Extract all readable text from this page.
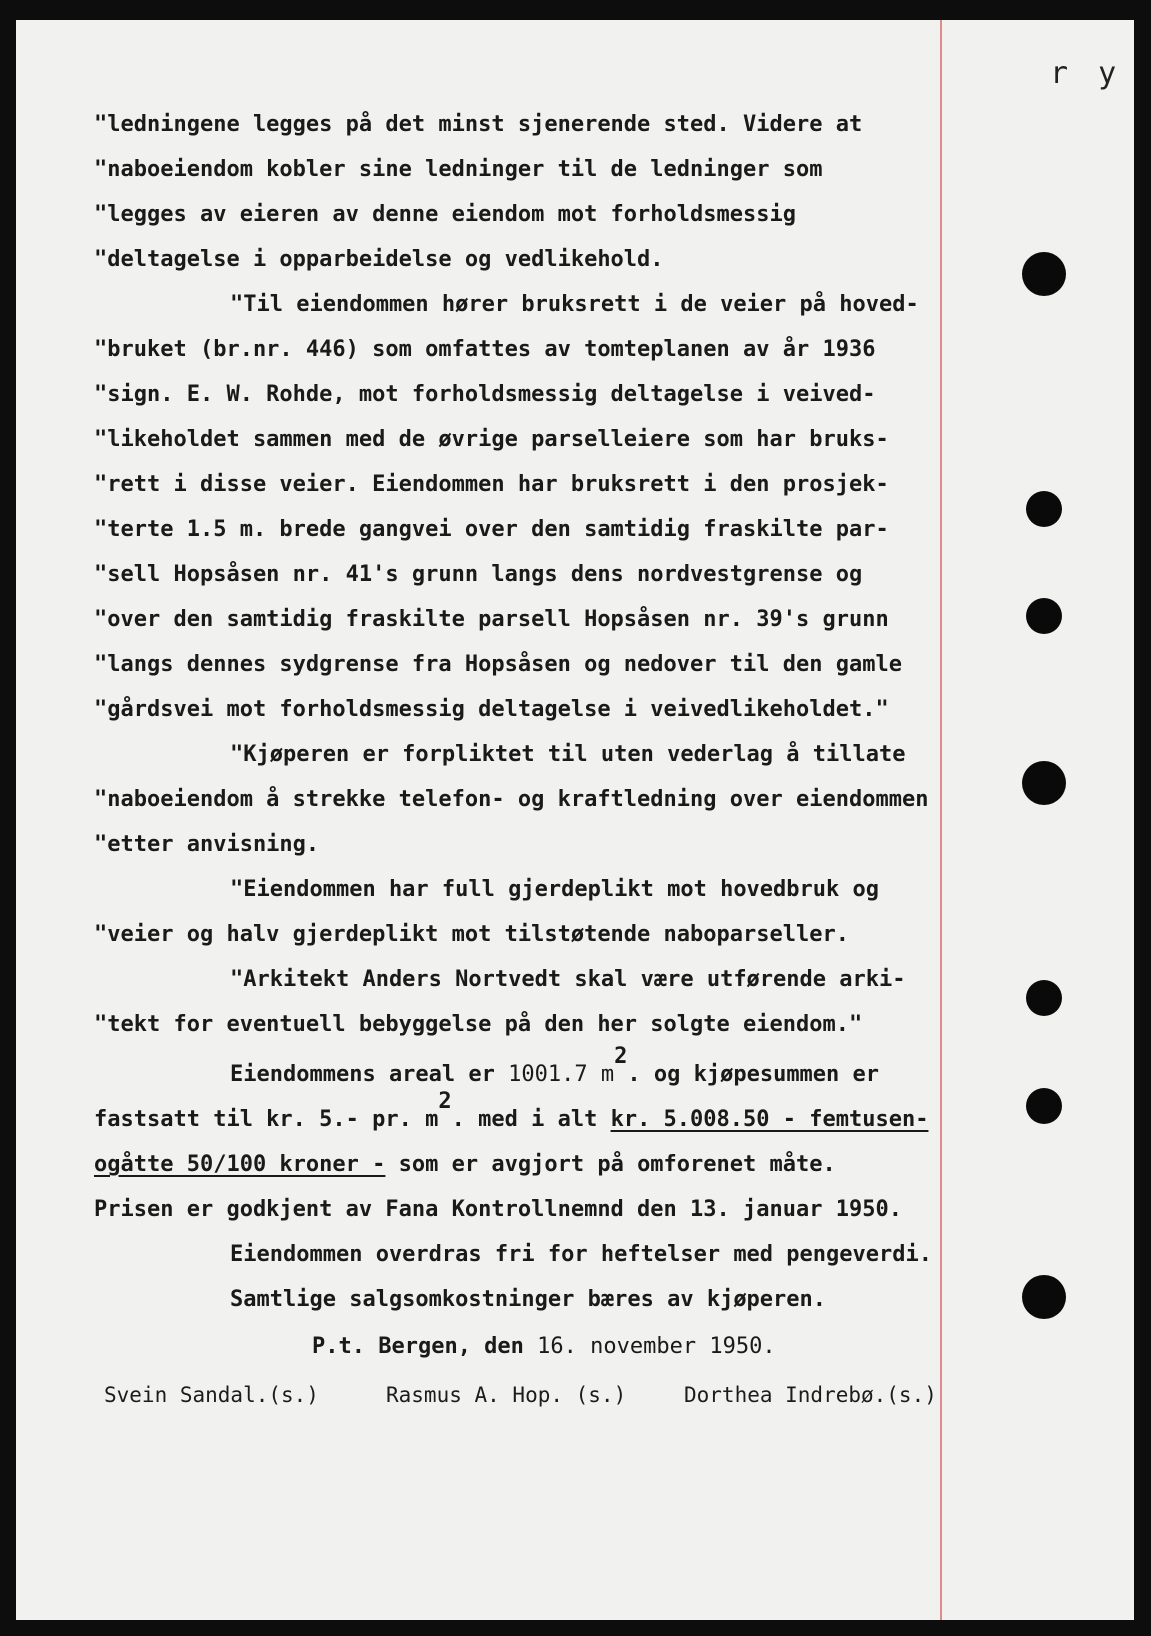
r y
"ledningene legges på det minst sjenerende sted. Videre at
"naboeiendom kobler sine ledninger til de ledninger som
"legges av eieren av denne eiendom mot forholdsmessig
"deltagelse i opparbeidelse og vedlikehold.
"Til eiendommen hører bruksrett i de veier på hoved-
"bruket (br.nr. 446) som omfattes av tomteplanen av år 1936
"sign. E. W. Rohde, mot forholdsmessig deltagelse i veived-
"likeholdet sammen med de øvrige parselleiere som har bruks-
"rett i disse veier. Eiendommen har bruksrett i den prosjek-
"terte 1.5 m. brede gangvei over den samtidig fraskilte par-
"sell Hopsåsen nr. 41's grunn langs dens nordvestgrense og
"over den samtidig fraskilte parsell Hopsåsen nr. 39's grunn
"langs dennes sydgrense fra Hopsåsen og nedover til den gamle
"gårdsvei mot forholdsmessig deltagelse i veivedlikeholdet."
"Kjøperen er forpliktet til uten vederlag å tillate
"naboeiendom å strekke telefon- og kraftledning over eiendommen
"etter anvisning.
"Eiendommen har full gjerdeplikt mot hovedbruk og
"veier og halv gjerdeplikt mot tilstøtende naboparseller.
"Arkitekt Anders Nortvedt skal være utførende arki-
"tekt for eventuell bebyggelse på den her solgte eiendom."
Eiendommens areal er 1001.7 m2. og kjøpesummen er
fastsatt til kr. 5.- pr. m2. med i alt kr. 5.008.50 - femtusen-
ogåtte 50/100 kroner - som er avgjort på omforenet måte.
Prisen er godkjent av Fana Kontrollnemnd den 13. januar 1950.
Eiendommen overdras fri for heftelser med pengeverdi.
Samtlige salgsomkostninger bæres av kjøperen.
P.t. Bergen, den 16. november 1950.
Svein Sandal.(s.)	Rasmus A. Hop. (s.)	Dorthea Indrebø.(s.)
